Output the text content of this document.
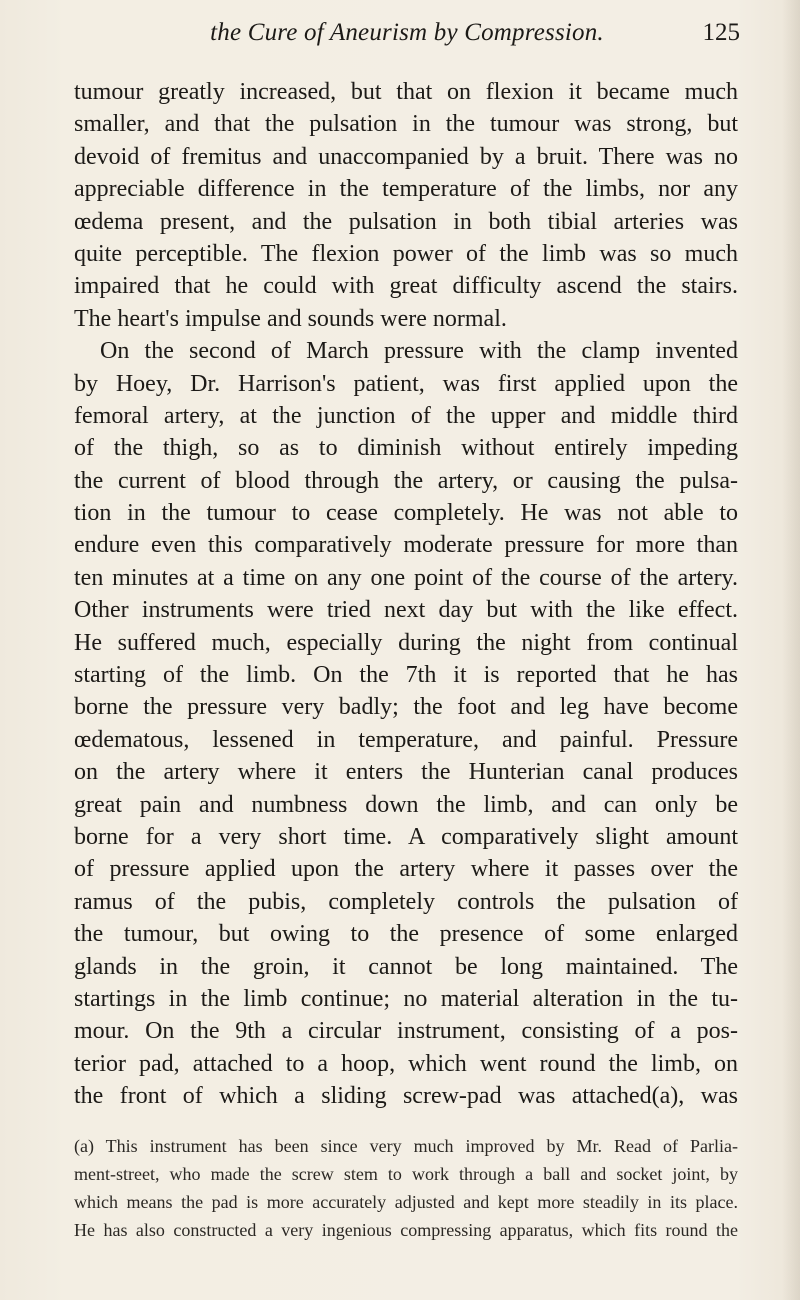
the Cure of Aneurism by Compression.	125
tumour greatly increased, but that on flexion it became much
smaller, and that the pulsation in the tumour was strong, but
devoid of fremitus and unaccompanied by a bruit. There was no
appreciable difference in the temperature of the limbs, nor any
œdema present, and the pulsation in both tibial arteries was
quite perceptible. The flexion power of the limb was so much
impaired that he could with great difficulty ascend the stairs.
The heart's impulse and sounds were normal.
On the second of March pressure with the clamp invented
by Hoey, Dr. Harrison's patient, was first applied upon the
femoral artery, at the junction of the upper and middle third
of the thigh, so as to diminish without entirely impeding
the current of blood through the artery, or causing the pulsa-
tion in the tumour to cease completely. He was not able to
endure even this comparatively moderate pressure for more than
ten minutes at a time on any one point of the course of the artery.
Other instruments were tried next day but with the like effect.
He suffered much, especially during the night from continual
starting of the limb. On the 7th it is reported that he has
borne the pressure very badly; the foot and leg have become
œdematous, lessened in temperature, and painful. Pressure
on the artery where it enters the Hunterian canal produces
great pain and numbness down the limb, and can only be
borne for a very short time. A comparatively slight amount
of pressure applied upon the artery where it passes over the
ramus of the pubis, completely controls the pulsation of
the tumour, but owing to the presence of some enlarged
glands in the groin, it cannot be long maintained. The
startings in the limb continue; no material alteration in the tu-
mour. On the 9th a circular instrument, consisting of a pos-
terior pad, attached to a hoop, which went round the limb, on
the front of which a sliding screw-pad was attached(a), was
(a) This instrument has been since very much improved by Mr. Read of Parlia-
ment-street, who made the screw stem to work through a ball and socket joint, by
which means the pad is more accurately adjusted and kept more steadily in its place.
He has also constructed a very ingenious compressing apparatus, which fits round the
